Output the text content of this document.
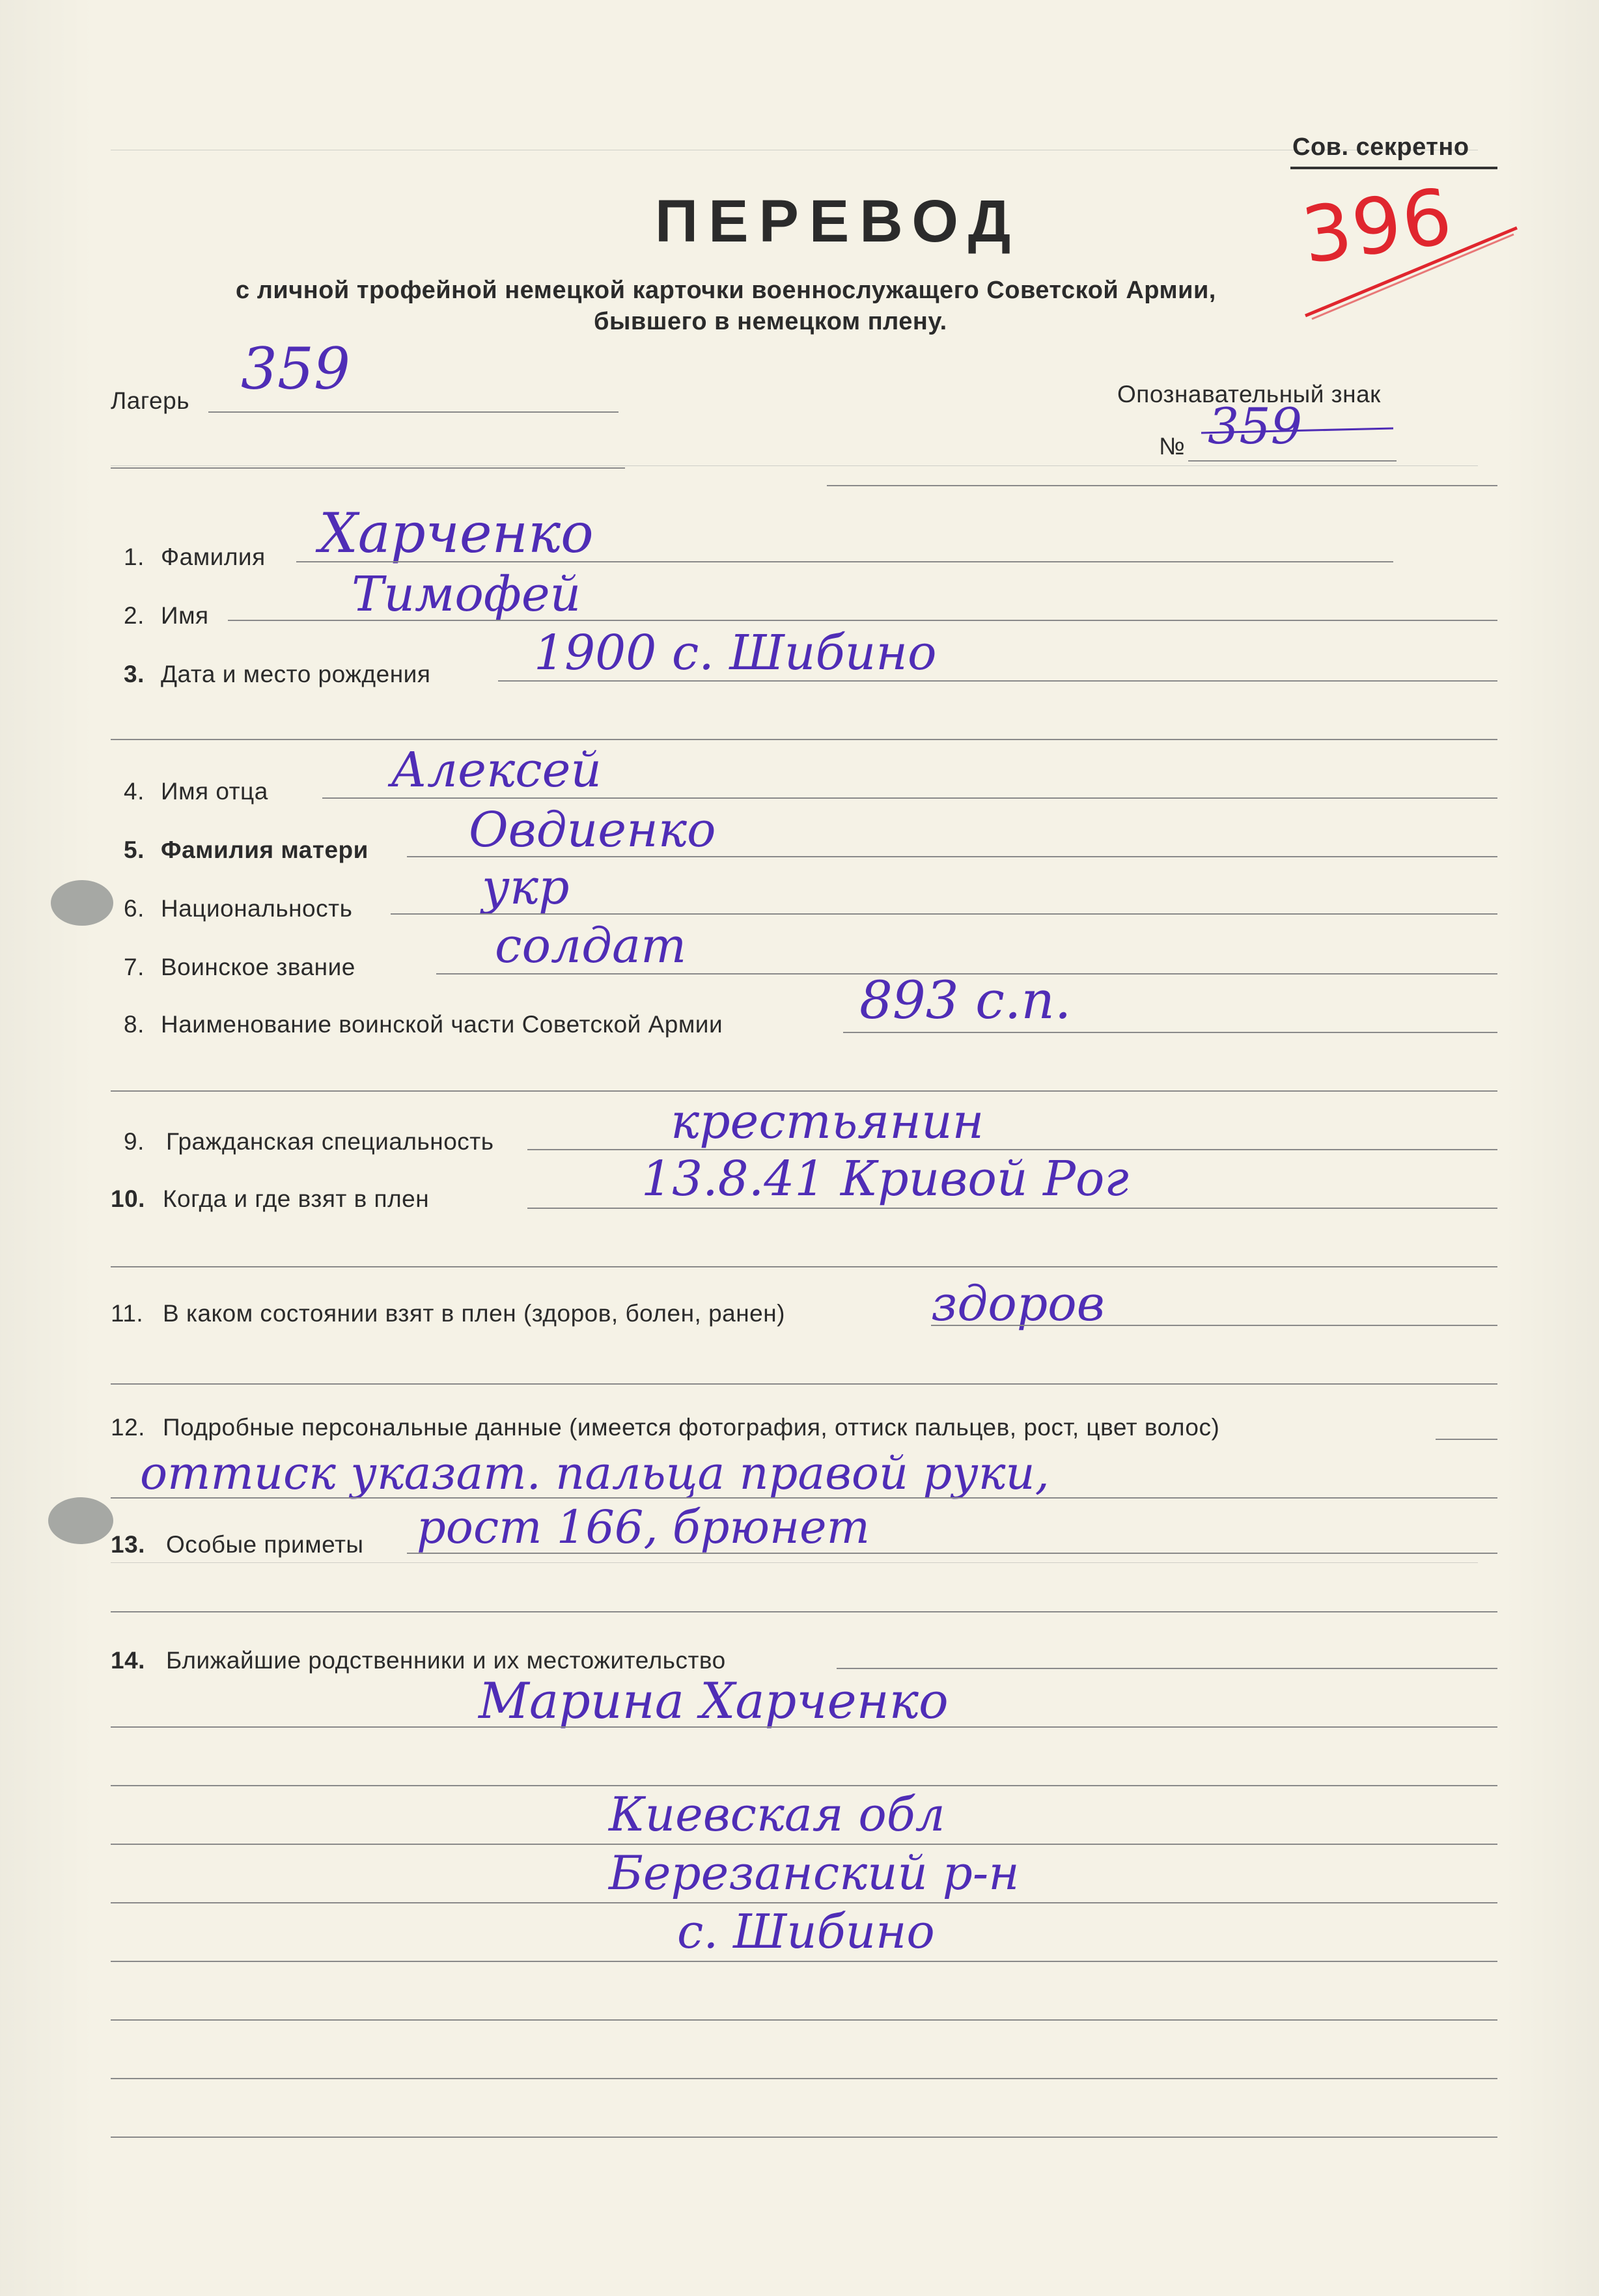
Сов. секретно
396
ПЕРЕВОД
с личной трофейной немецкой карточки военнослужащего Советской Армии,
бывшего в немецком плену.
Лагерь 359	Опознавательный знак
№ 359
1. Фамилия Харченко
2. Имя	Тимофей
3. Дата и место рождения 1900 с. Шибино
4. Имя отца	Алексей
5. Фамилия матери Овдиенко
6. Национальность	укр
7. Воинское звание	солдат
8. Наименование воинской части Советской Армии	893 с.п.
9. Гражданская специальность	крестьянин
10. Когда и где взят в плен	13.8.41 Кривой Рог
11. В каком состоянии взят в плен (здоров, болен, ранен)	здоров
12. Подробные персональные данные (имеется фотография, оттиск пальцев, рост, цвет волос)
оттиск указат. пальца правой руки,
13. Особые приметы рост 166, брюнет
14. Ближайшие родственники и их местожительство
Марина Харченко
Киевская обл
Березанский р-н
с. Шибино
